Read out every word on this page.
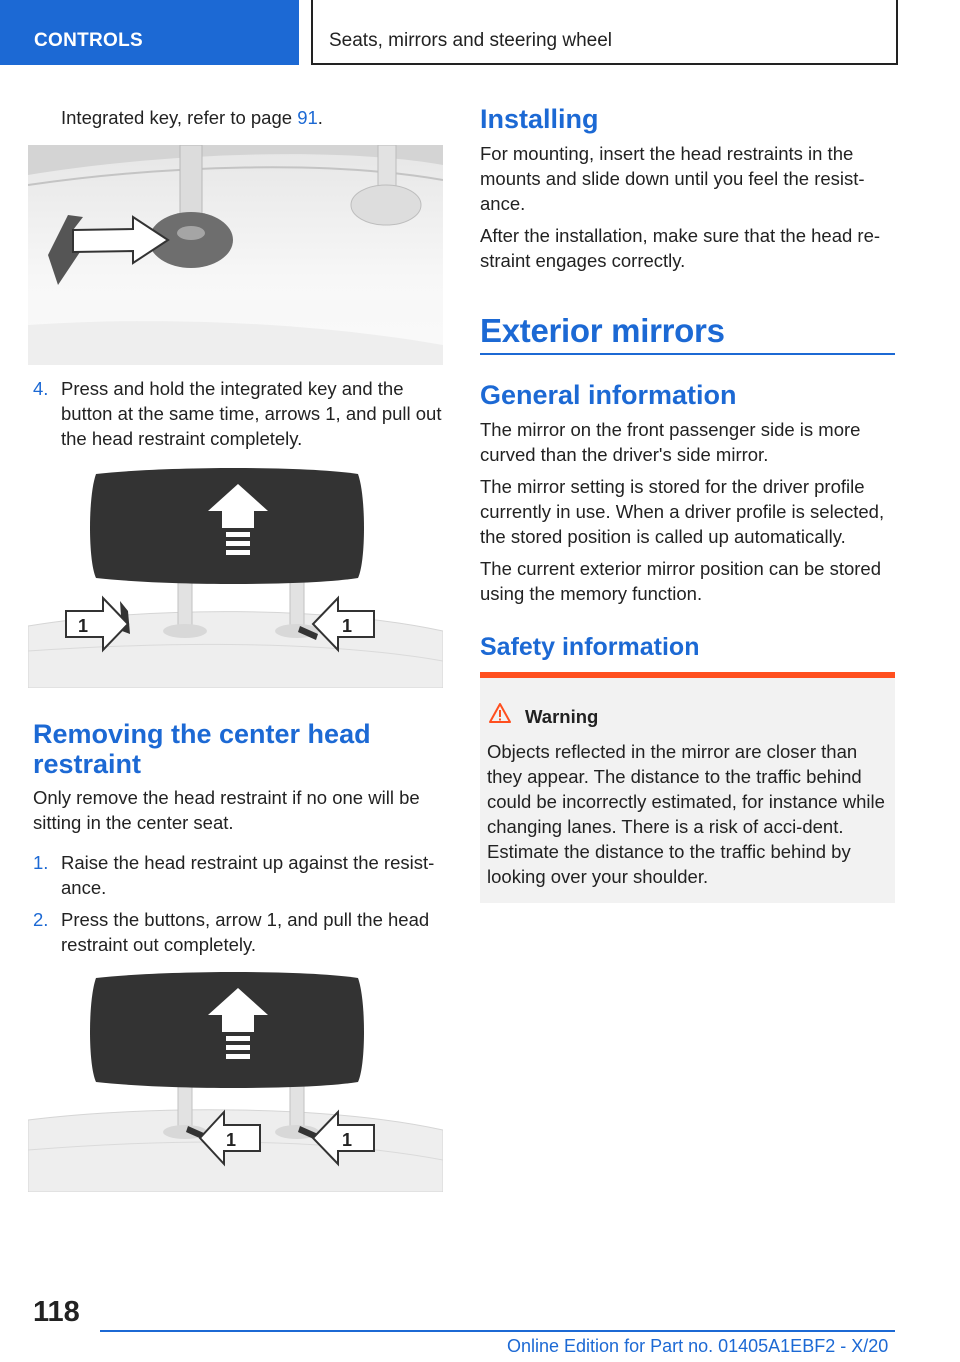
CONTROLS	Seats, mirrors and steering wheel

Integrated key, refer to page 91.

4. Press and hold the integrated key and the button at the same time, arrows 1, and pull out the head restraint completely.
1	1
Removing the center head restraint

Only remove the head restraint if no one will be sitting in the center seat.

1. Raise the head restraint up against the resist-ance.
2. Press the buttons, arrow 1, and pull the head restraint out completely.
1	1
Installing

For mounting, insert the head restraints in the mounts and slide down until you feel the resist-ance.

After the installation, make sure that the head re-straint engages correctly.

Exterior mirrors
General information

The mirror on the front passenger side is more curved than the driver's side mirror.

The mirror setting is stored for the driver profile currently in use. When a driver profile is selected, the stored position is called up automatically.

The current exterior mirror position can be stored using the memory function.

Safety information
Warning

Objects reflected in the mirror are closer than they appear. The distance to the traffic behind could be incorrectly estimated, for instance while changing lanes. There is a risk of acci-dent. Estimate the distance to the traffic behind by looking over your shoulder.

118
Online Edition for Part no. 01405A1EBF2 - X/20
